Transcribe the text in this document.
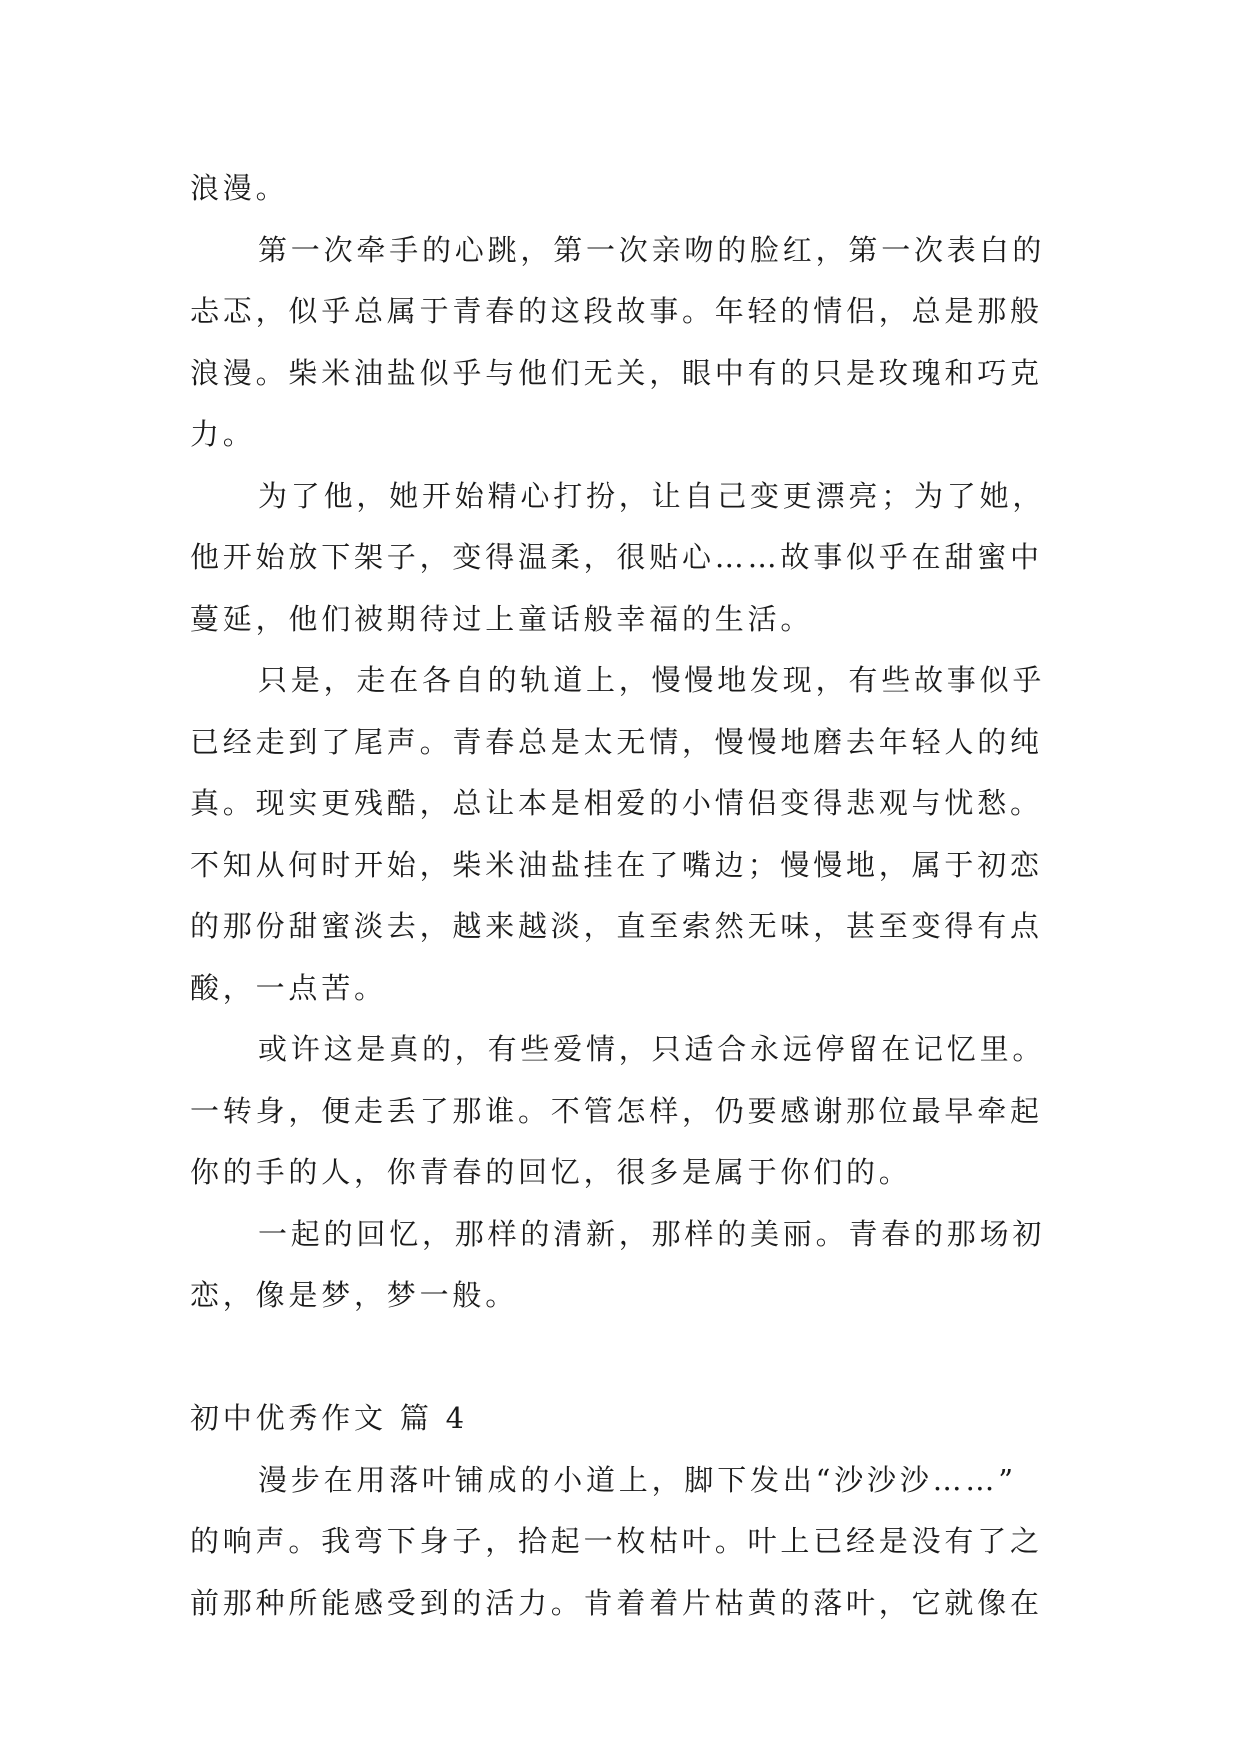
浪漫。
第一次牵手的心跳，第一次亲吻的脸红，第一次表白的
忐忑，似乎总属于青春的这段故事。年轻的情侣，总是那般
浪漫。柴米油盐似乎与他们无关，眼中有的只是玫瑰和巧克
力。
为了他，她开始精心打扮，让自己变更漂亮；为了她，
他开始放下架子，变得温柔，很贴心……故事似乎在甜蜜中
蔓延，他们被期待过上童话般幸福的生活。
只是，走在各自的轨道上，慢慢地发现，有些故事似乎
已经走到了尾声。青春总是太无情，慢慢地磨去年轻人的纯
真。现实更残酷，总让本是相爱的小情侣变得悲观与忧愁。
不知从何时开始，柴米油盐挂在了嘴边；慢慢地，属于初恋
的那份甜蜜淡去，越来越淡，直至索然无味，甚至变得有点
酸，一点苦。
或许这是真的，有些爱情，只适合永远停留在记忆里。
一转身，便走丢了那谁。不管怎样，仍要感谢那位最早牵起
你的手的人，你青春的回忆，很多是属于你们的。
一起的回忆，那样的清新，那样的美丽。青春的那场初
恋，像是梦，梦一般。
初中优秀作文 篇 4
漫步在用落叶铺成的小道上，脚下发出“沙沙沙……”
的响声。我弯下身子，拾起一枚枯叶。叶上已经是没有了之
前那种所能感受到的活力。肯着着片枯黄的落叶，它就像在
